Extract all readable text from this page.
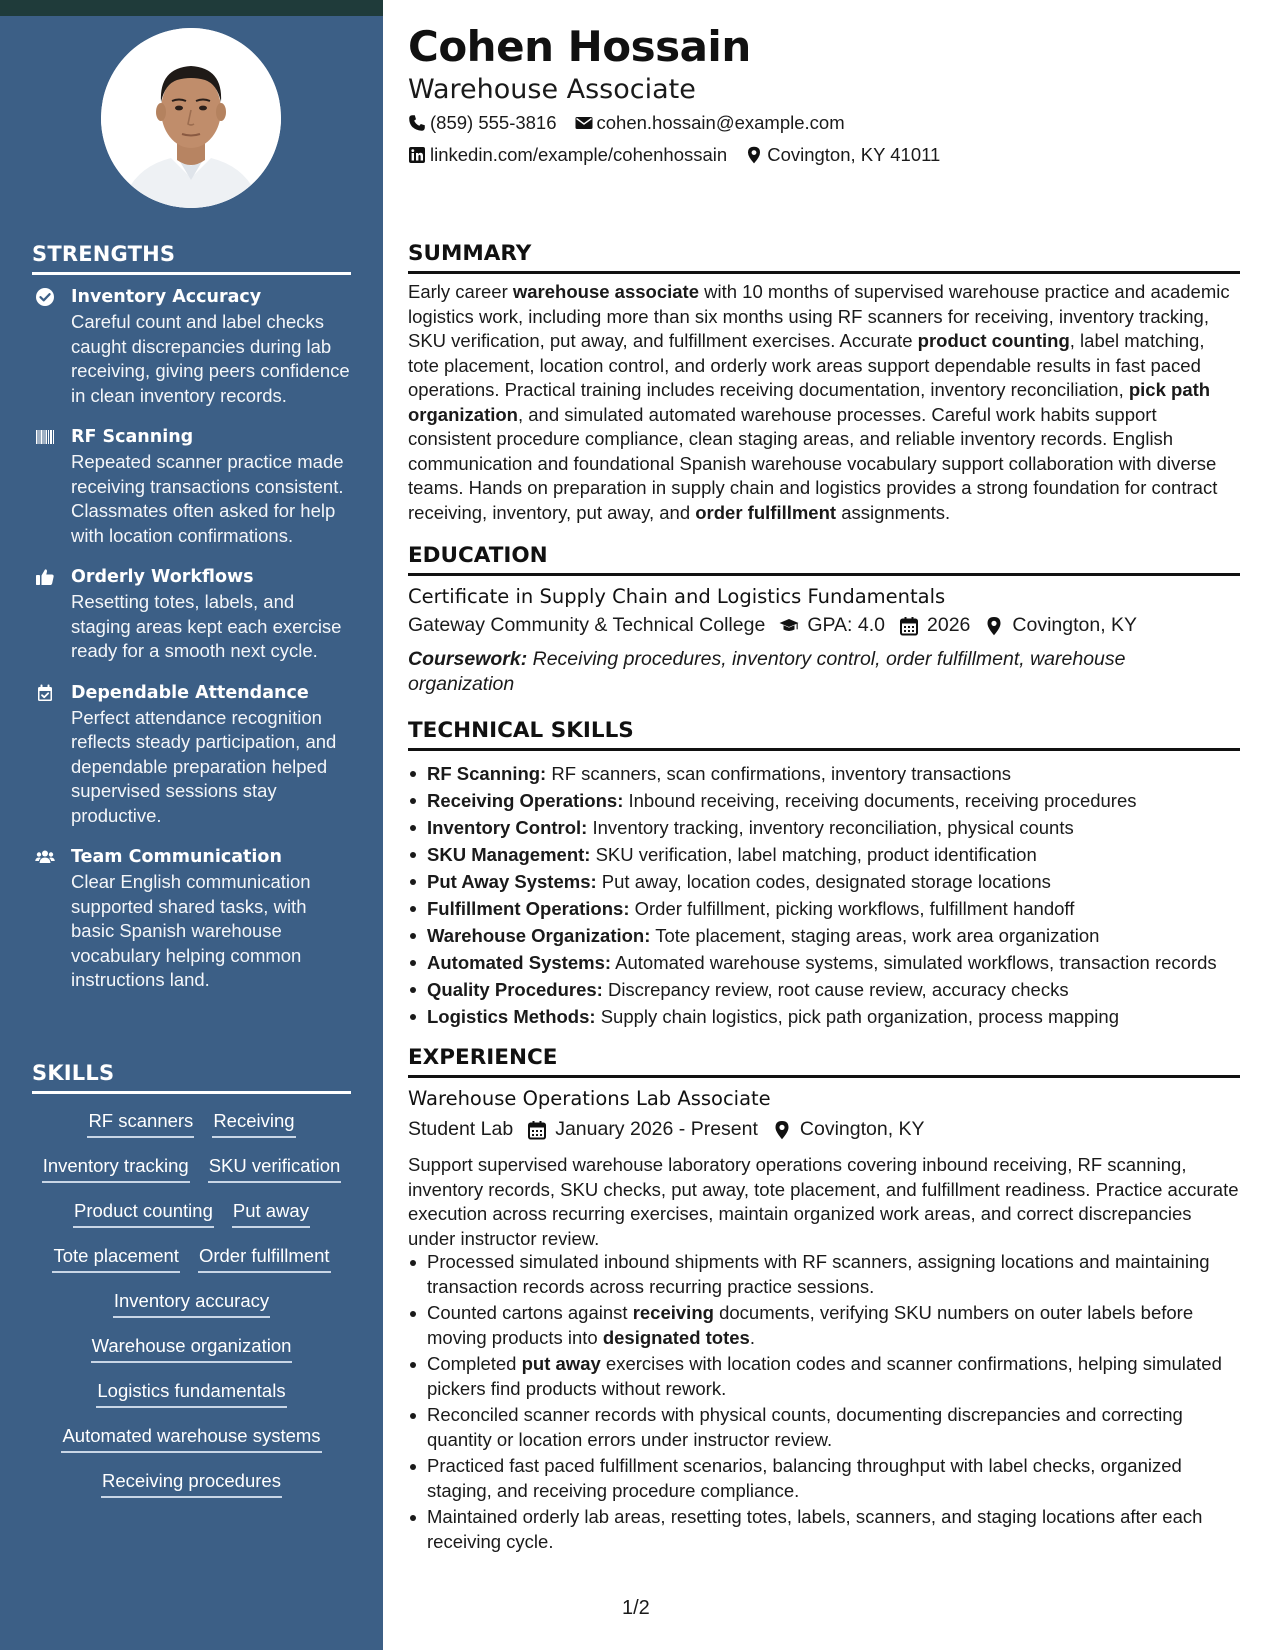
STRENGTHS
Inventory Accuracy
Careful count and label checks caught discrepancies during lab receiving, giving peers confidence in clean inventory records.
RF Scanning
Repeated scanner practice made receiving transactions consistent. Classmates often asked for help with location confirmations.
Orderly Workflows
Resetting totes, labels, and staging areas kept each exercise ready for a smooth next cycle.
Dependable Attendance
Perfect attendance recognition reflects steady participation, and dependable preparation helped supervised sessions stay productive.
Team Communication
Clear English communication supported shared tasks, with basic Spanish warehouse vocabulary helping common instructions land.
SKILLS
RF scanners Receiving
Inventory tracking SKU verification
Product counting Put away
Tote placement Order fulfillment
Inventory accuracy
Warehouse organization
Logistics fundamentals
Automated warehouse systems
Receiving procedures
Cohen Hossain
Warehouse Associate
(859) 555-3816 cohen.hossain@example.com
linkedin.com/example/cohenhossain Covington, KY 41011
SUMMARY
Early career warehouse associate with 10 months of supervised warehouse practice and academic logistics work, including more than six months using RF scanners for receiving, inventory tracking, SKU verification, put away, and fulfillment exercises. Accurate product counting, label matching, tote placement, location control, and orderly work areas support dependable results in fast paced operations. Practical training includes receiving documentation, inventory reconciliation, pick path organization, and simulated automated warehouse processes. Careful work habits support consistent procedure compliance, clean staging areas, and reliable inventory records. English communication and foundational Spanish warehouse vocabulary support collaboration with diverse teams. Hands on preparation in supply chain and logistics provides a strong foundation for contract receiving, inventory, put away, and order fulfillment assignments.
EDUCATION
Certificate in Supply Chain and Logistics Fundamentals
Gateway Community & Technical College GPA: 4.0 2026 Covington, KY
Coursework: Receiving procedures, inventory control, order fulfillment, warehouse organization
TECHNICAL SKILLS
RF Scanning: RF scanners, scan confirmations, inventory transactions
Receiving Operations: Inbound receiving, receiving documents, receiving procedures
Inventory Control: Inventory tracking, inventory reconciliation, physical counts
SKU Management: SKU verification, label matching, product identification
Put Away Systems: Put away, location codes, designated storage locations
Fulfillment Operations: Order fulfillment, picking workflows, fulfillment handoff
Warehouse Organization: Tote placement, staging areas, work area organization
Automated Systems: Automated warehouse systems, simulated workflows, transaction records
Quality Procedures: Discrepancy review, root cause review, accuracy checks
Logistics Methods: Supply chain logistics, pick path organization, process mapping
EXPERIENCE
Warehouse Operations Lab Associate
Student Lab January 2026 - Present Covington, KY
Support supervised warehouse laboratory operations covering inbound receiving, RF scanning, inventory records, SKU checks, put away, tote placement, and fulfillment readiness. Practice accurate execution across recurring exercises, maintain organized work areas, and correct discrepancies under instructor review.
Processed simulated inbound shipments with RF scanners, assigning locations and maintaining transaction records across recurring practice sessions.
Counted cartons against receiving documents, verifying SKU numbers on outer labels before moving products into designated totes.
Completed put away exercises with location codes and scanner confirmations, helping simulated pickers find products without rework.
Reconciled scanner records with physical counts, documenting discrepancies and correcting quantity or location errors under instructor review.
Practiced fast paced fulfillment scenarios, balancing throughput with label checks, organized staging, and receiving procedure compliance.
Maintained orderly lab areas, resetting totes, labels, scanners, and staging locations after each receiving cycle.
1/2
